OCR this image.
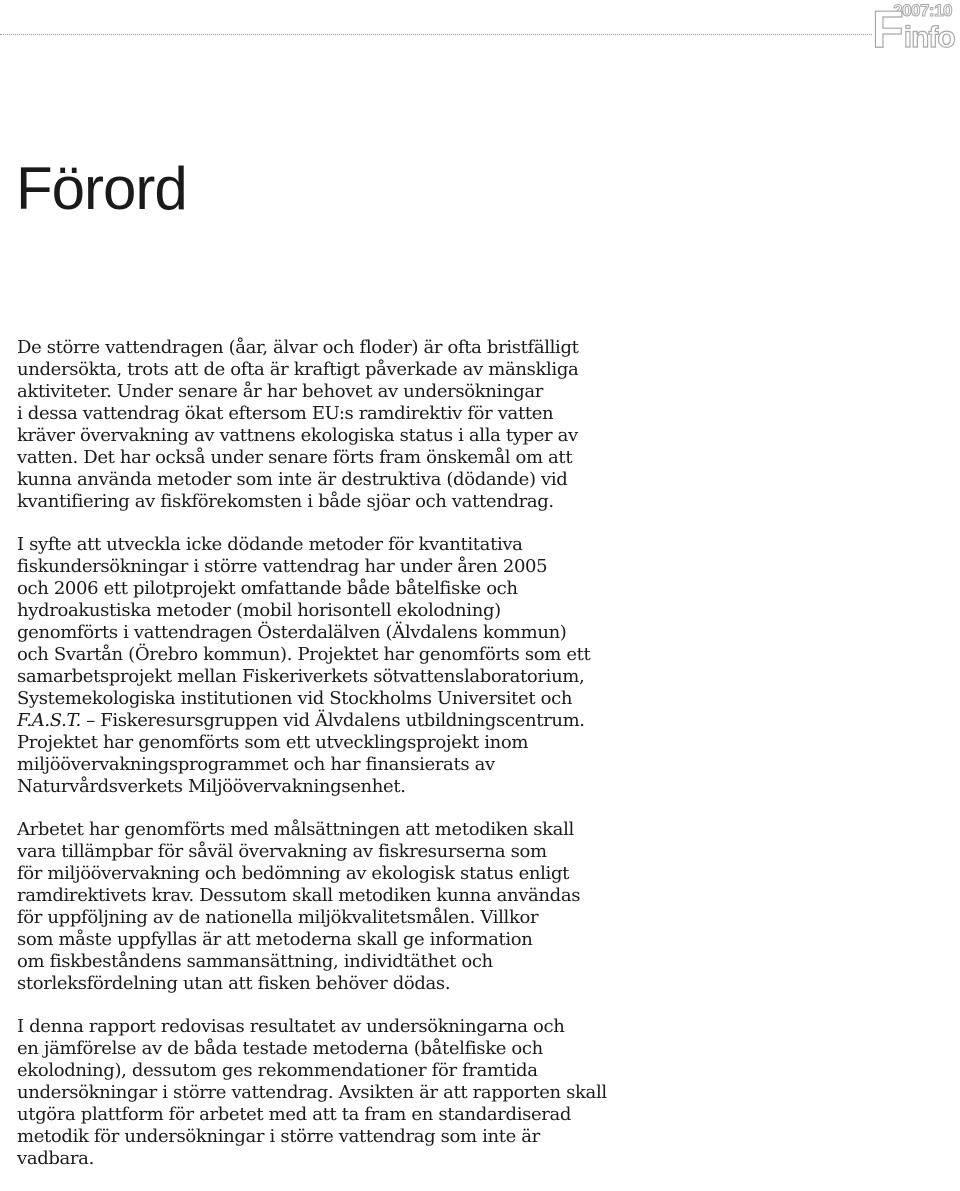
2007:10
Finfo
Förord

De större vattendragen (åar, älvar och floder) är ofta bristfälligt
undersökta, trots att de ofta är kraftigt påverkade av mänskliga
aktiviteter. Under senare år har behovet av undersökningar
i dessa vattendrag ökat eftersom EU:s ramdirektiv för vatten
kräver övervakning av vattnens ekologiska status i alla typer av
vatten. Det har också under senare förts fram önskemål om att
kunna använda metoder som inte är destruktiva (dödande) vid
kvantifiering av fiskförekomsten i både sjöar och vattendrag.

I syfte att utveckla icke dödande metoder för kvantitativa
fiskundersökningar i större vattendrag har under åren 2005
och 2006 ett pilotprojekt omfattande både båtelfiske och
hydroakustiska metoder (mobil horisontell ekolodning)
genomförts i vattendragen Österdalälven (Älvdalens kommun)
och Svartån (Örebro kommun). Projektet har genomförts som ett
samarbetsprojekt mellan Fiskeriverkets sötvattenslaboratorium,
Systemekologiska institutionen vid Stockholms Universitet och
F.A.S.T. – Fiskeresursgruppen vid Älvdalens utbildningscentrum.
Projektet har genomförts som ett utvecklingsprojekt inom
miljöövervakningsprogrammet och har finansierats av
Naturvårdsverkets Miljöövervakningsenhet.

Arbetet har genomförts med målsättningen att metodiken skall
vara tillämpbar för såväl övervakning av fiskresurserna som
för miljöövervakning och bedömning av ekologisk status enligt
ramdirektivets krav. Dessutom skall metodiken kunna användas
för uppföljning av de nationella miljökvalitetsmålen. Villkor
som måste uppfyllas är att metoderna skall ge information
om fiskbeståndens sammansättning, individtäthet och
storleksfördelning utan att fisken behöver dödas.

I denna rapport redovisas resultatet av undersökningarna och
en jämförelse av de båda testade metoderna (båtelfiske och
ekolodning), dessutom ges rekommendationer för framtida
undersökningar i större vattendrag. Avsikten är att rapporten skall
utgöra plattform för arbetet med att ta fram en standardiserad
metodik för undersökningar i större vattendrag som inte är
vadbara.
